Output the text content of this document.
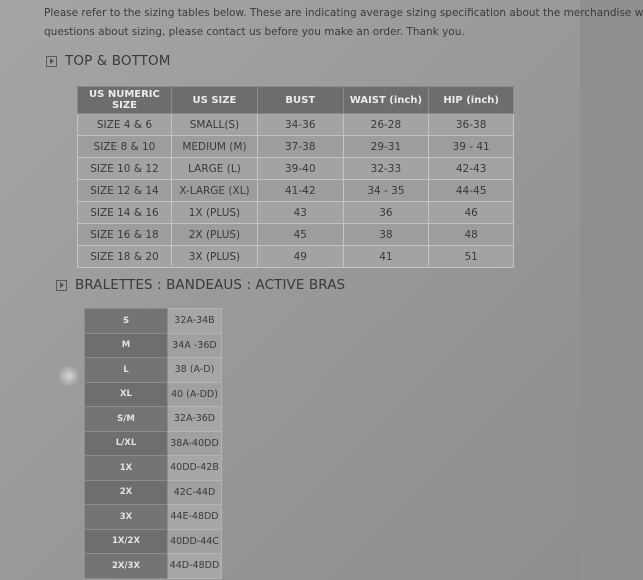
Please refer to the sizing tables below. These are indicating average sizing specification about the merchandise w
questions about sizing, please contact us before you make an order. Thank you.
TOP & BOTTOM
US NUMERIC SIZE	US SIZE	BUST	WAIST (inch)	HIP (inch)
SIZE 4 & 6	SMALL(S)	34-36	26-28	36-38
SIZE 8 & 10	MEDIUM (M)	37-38	29-31	39 - 41
SIZE 10 & 12	LARGE (L)	39-40	32-33	42-43
SIZE 12 & 14	X-LARGE (XL)	41-42	34 - 35	44-45
SIZE 14 & 16	1X (PLUS)	43	36	46
SIZE 16 & 18	2X (PLUS)	45	38	48
SIZE 18 & 20	3X (PLUS)	49	41	51
BRALETTES : BANDEAUS : ACTIVE BRAS
S	32A-34B
M	34A -36D
L	38 (A-D)
XL	40 (A-DD)
S/M	32A-36D
L/XL	38A-40DD
1X	40DD-42B
2X	42C-44D
3X	44E-48DD
1X/2X	40DD-44C
2X/3X	44D-48DD
